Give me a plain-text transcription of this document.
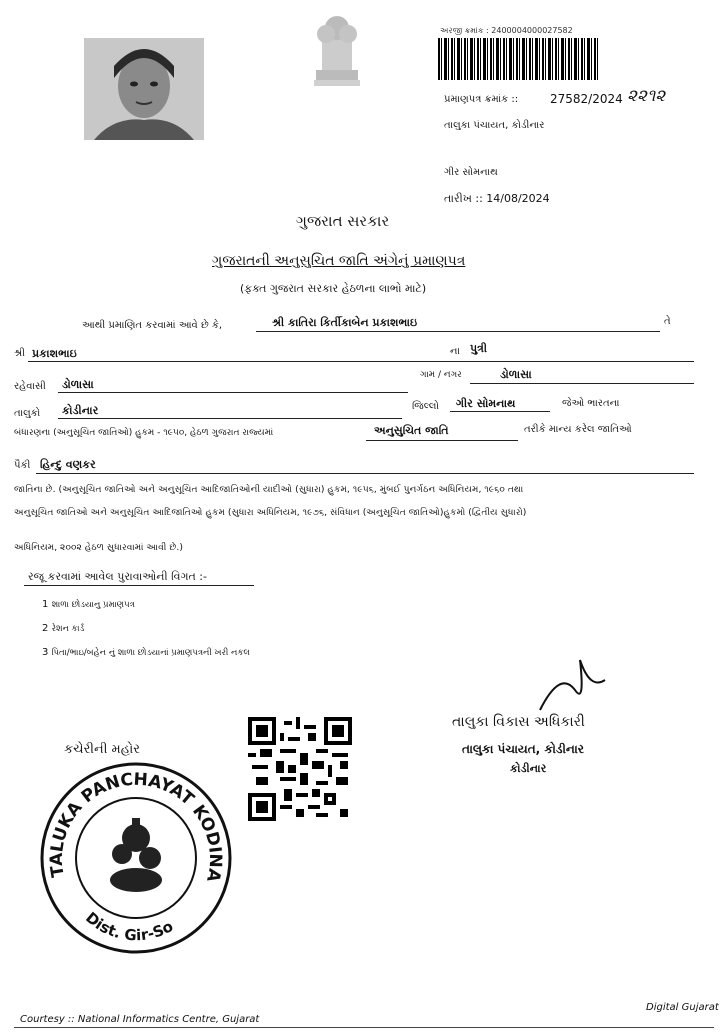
અરજી ક્રમાંક : 2400004000027582
પ્રમાણપત્ર ક્રમાંક ::	27582/2024 ૨૨૧૨
તાલુકા પંચાયત, કોડીનાર
ગીર સોમનાથ
તારીખ :: 14/08/2024
ગુજરાત સરકાર
ગુજરાતની અનુસુચિત જાતિ અંગેનું પ્રમાણપત્ર
(ફક્ત ગુજરાત સરકાર હેઠળના લાભો માટે)
આથી પ્રમાણિત કરવામાં આવે છે કે,	શ્રી કાતિરા કિર્તીકાબેન પ્રકાશભાઇ	તે
શ્રી પ્રકાશભાઇ	ના પુત્રી
રહેવાસી ડોળાસા
ગામ / નગર	ડોળાસા
તાલુકો કોડીનાર	જિલ્લો ગીર સોમનાથ	જેઓ ભારતના
બંધારણના (અનુસૂચિત જાતિઓ) હુકમ - ૧૯૫૦, હેઠળ ગુજરાત રાજ્યમાં	અનુસુચિત જાતિ	તરીકે માન્ય કરેલ જાતિઓ
પૈકી હિન્દુ વણકર
જાતિના છે. (અનુસૂચિત જાતિઓ અને અનુસૂચિત આદિજાતિઓની યાદીઓ (સુધારા) હુકમ, ૧૯૫૬, મુંબઈ પુનર્ગઠન અધિનિયમ, ૧૯૬૦ તથા
અનુસૂચિત જાતિઓ અને અનુસૂચિત આદિજાતિઓ હુકમ (સુધારા અધિનિયમ, ૧૯૭૬, સંવિધાન (અનુસૂચિત જાતિઓ)હુકમો (દ્વિતીય સુધારો)
અધિનિયમ, ૨૦૦૨ હેઠળ સુધારવામાં આવી છે.)
રજૂ કરવામાં આવેલ પુરાવાઓની વિગત :-
1 શાળા છોડયાનુ પ્રમાણપત્ર
2 રેશન કાર્ડ
3 પિતા/ભાઇ/બહેન નું શાળા છોડયાનાં પ્રમાણપત્રની ખરી નકલ
કચેરીની મહોર
TALUKA PANCHAYAT KODINA
Dist. Gir-So
તાલુકા વિકાસ અધિકારી
તાલુકા પંચાયત, કોડીનાર
કોડીનાર
Courtesy :: National Informatics Centre, Gujarat
Digital Gujarat
